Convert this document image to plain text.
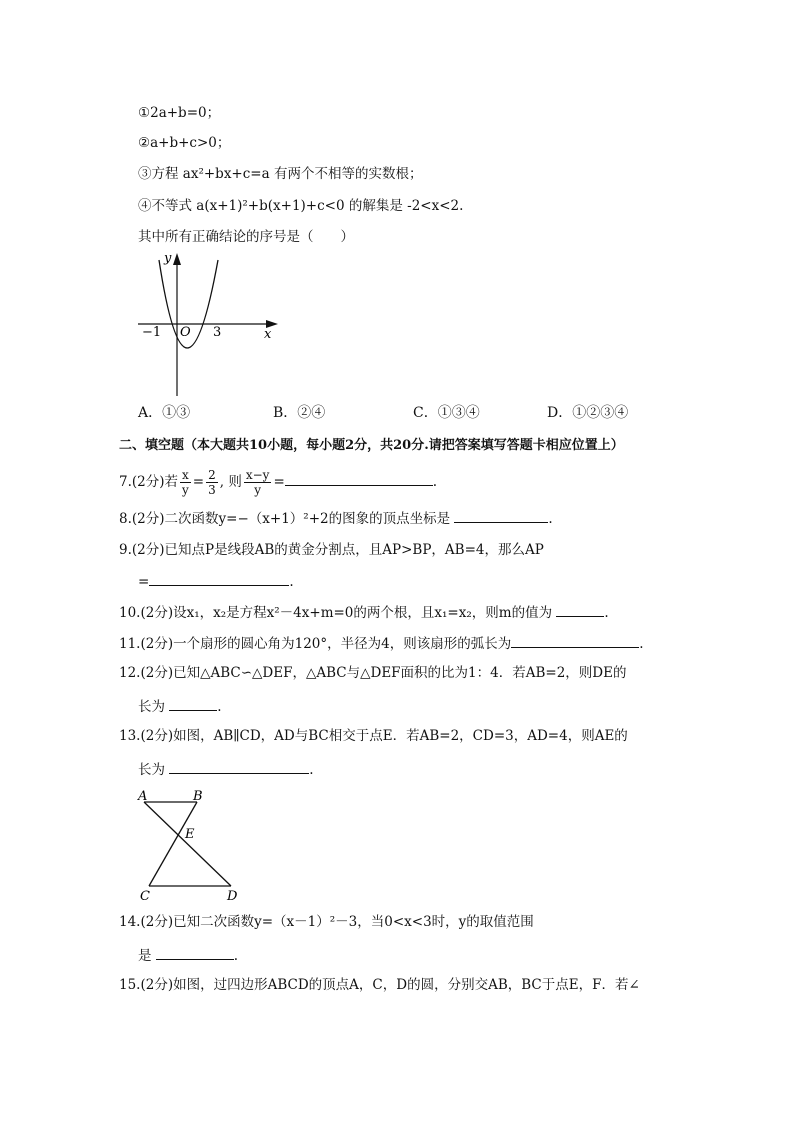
①2a+b=0；
②a+b+c>0；
③方程 ax²+bx+c=a 有两个不相等的实数根；
④不等式 a(x+1)²+b(x+1)+c<0 的解集是 -2<x<2.
其中所有正确结论的序号是（　　）
y
x
O
−1	3
A．①③	B．②④	C．①③④	D．①②③④
二、填空题（本大题共10小题，每小题2分，共20分.请把答案填写答题卡相应位置上）
7.(2分)若 $\frac{x}{y} = \frac{2}{3}$ , 则 $\frac{x-y}{y}$ =	.
8.(2分)二次函数y=−（x+1）²+2的图象的顶点坐标是	.
9.(2分)已知点P是线段AB的黄金分割点，且AP>BP，AB=4，那么AP
=	.
10.(2分)设x₁，x₂是方程x²－4x+m=0的两个根，且x₁=x₂，则m的值为	.
11.(2分)一个扇形的圆心角为120°，半径为4，则该扇形的弧长为	.
12.(2分)已知△ABC∽△DEF，△ABC与△DEF面积的比为1：4．若AB=2，则DE的
长为	.
13.(2分)如图，AB∥CD，AD与BC相交于点E．若AB=2，CD=3，AD=4，则AE的
长为	.
A	B
E
C	D
14.(2分)已知二次函数y=（x－1）²－3，当0<x<3时，y的取值范围
是	.
15.(2分)如图，过四边形ABCD的顶点A，C，D的圆，分别交AB，BC于点E，F．若∠
